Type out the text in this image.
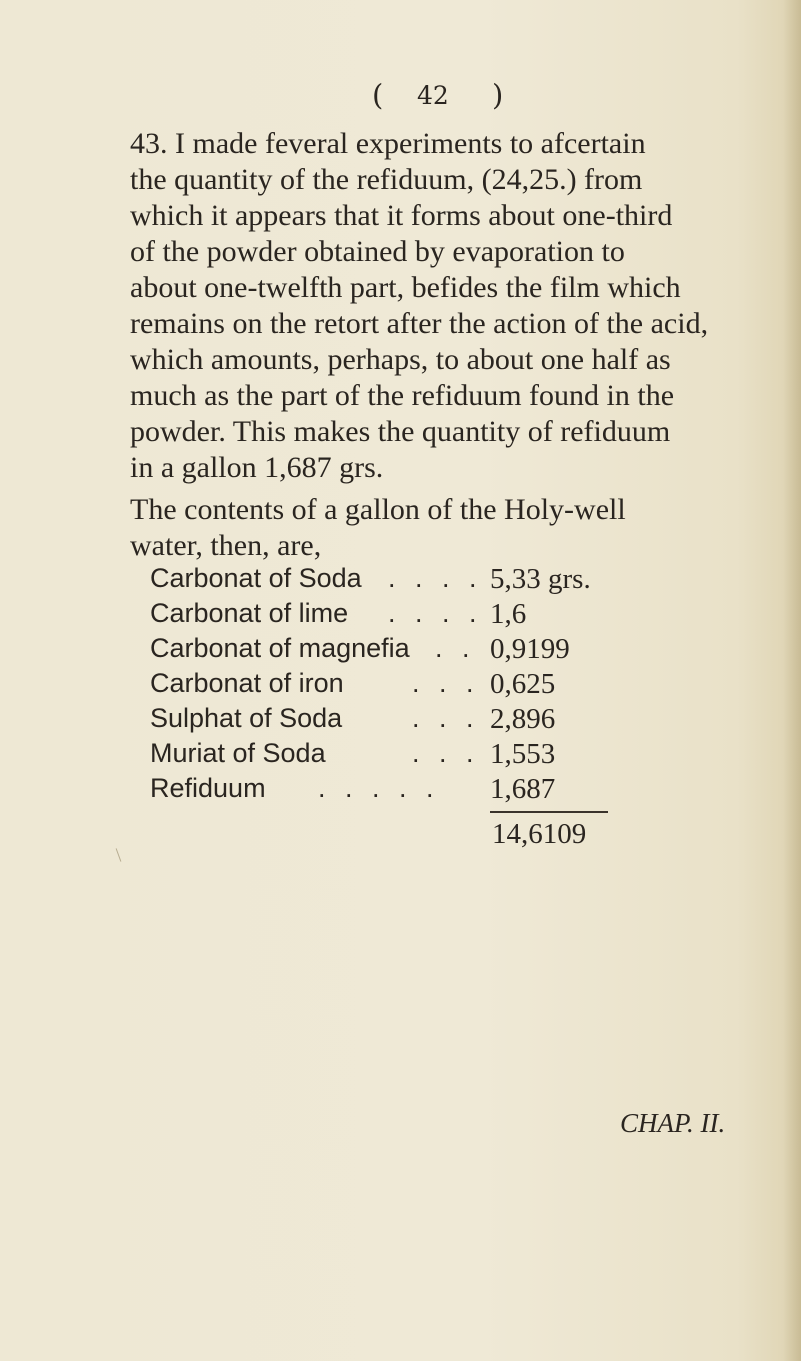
( 42 )
43. I made feveral experiments to afcertain
the quantity of the refiduum, (24,25.) from
which it appears that it forms about one-third
of the powder obtained by evaporation to
about one-twelfth part, befides the film which
remains on the retort after the action of the acid,
which amounts, perhaps, to about one half as
much as the part of the refiduum found in the
powder. This makes the quantity of refiduum
in a gallon 1,687 grs.
The contents of a gallon of the Holy-well
water, then, are,
Carbonat of Soda . . . . 5,33 grs.
Carbonat of lime . . . . 1,6
Carbonat of magnefia . . 0,9199
Carbonat of iron	. . . 0,625
Sulphat of Soda	. . . 2,896
Muriat of Soda	. . . 1,553
Refiduum . . . . . 1,687
14,6109
CHAP. II.
